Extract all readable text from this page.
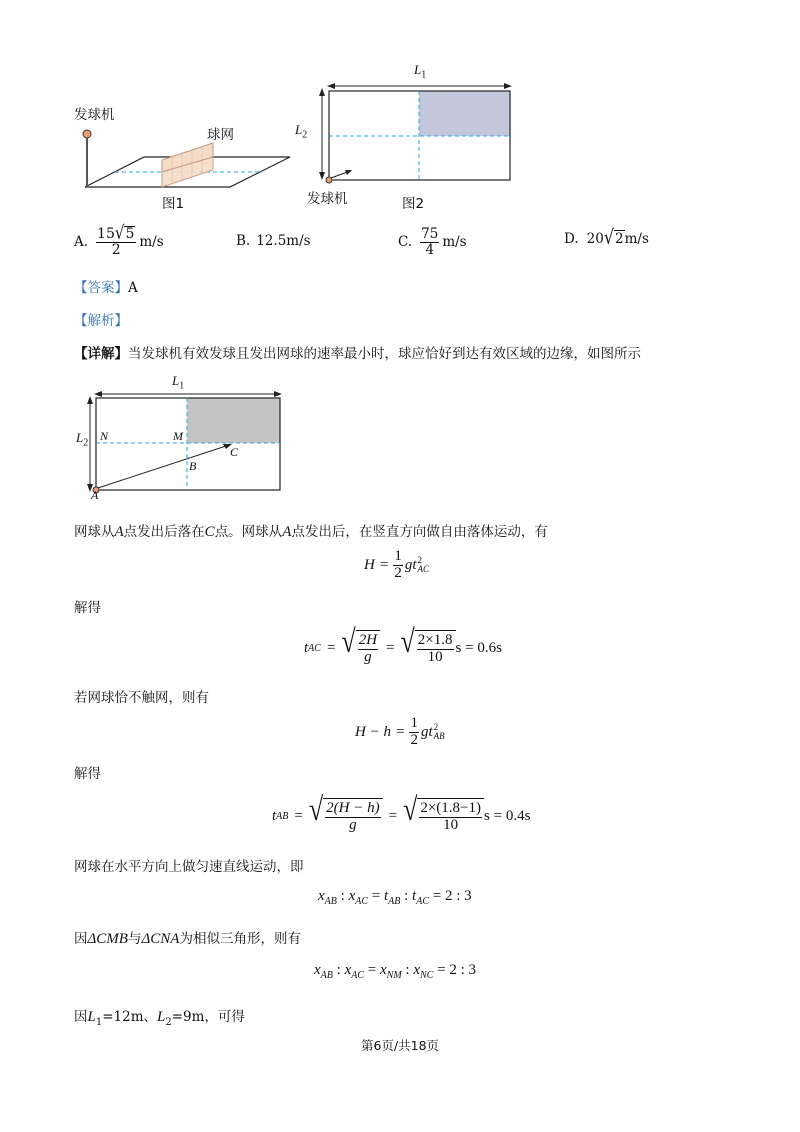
发球机
球网
图1
$L_1$
$L_2$
发球机	图2
A. $\frac{15 √ 5}{2} m/s$	B. 12.5m/s	C. $\frac{75}{4} m/s$	D. 20 √ 2 m/s
【答案】A
【解析】
【详解】当发球机有效发球且发出网球的速率最小时，球应恰好到达有效区域的边缘，如图所示
$L_1$
$L_2$
N	M
B
C
A
网球从A点发出后落在C点。网球从A点发出后，在竖直方向做自由落体运动，有
$H = \frac{1}{2}$ gt 2
AC
解得
t AC = √ $\frac{2H}{g}$ = √ $\frac{2\times 1.8}{10}$ s = 0.6s
若网球恰不触网，则有
$H - h = \frac{1}{2}$ gt 2
AB
解得
t AB = √ $\frac{2(H - h)}{g}$ = √ $\frac{2\times(1.8-1)}{10}$ s = 0.4s
网球在水平方向上做匀速直线运动，即
$x_{AB}$ : $x_{AC} = t_{AB}$ : $t_{AC} = 2$ : 3
因ΔCMB与ΔCNA为相似三角形，则有
$x_{AB}$ : $x_{AC} = x_{NM}$ : $x_{NC} = 2$ : 3
因$L_1=12m$、$L_2=9m$，可得
第6页/共18页
